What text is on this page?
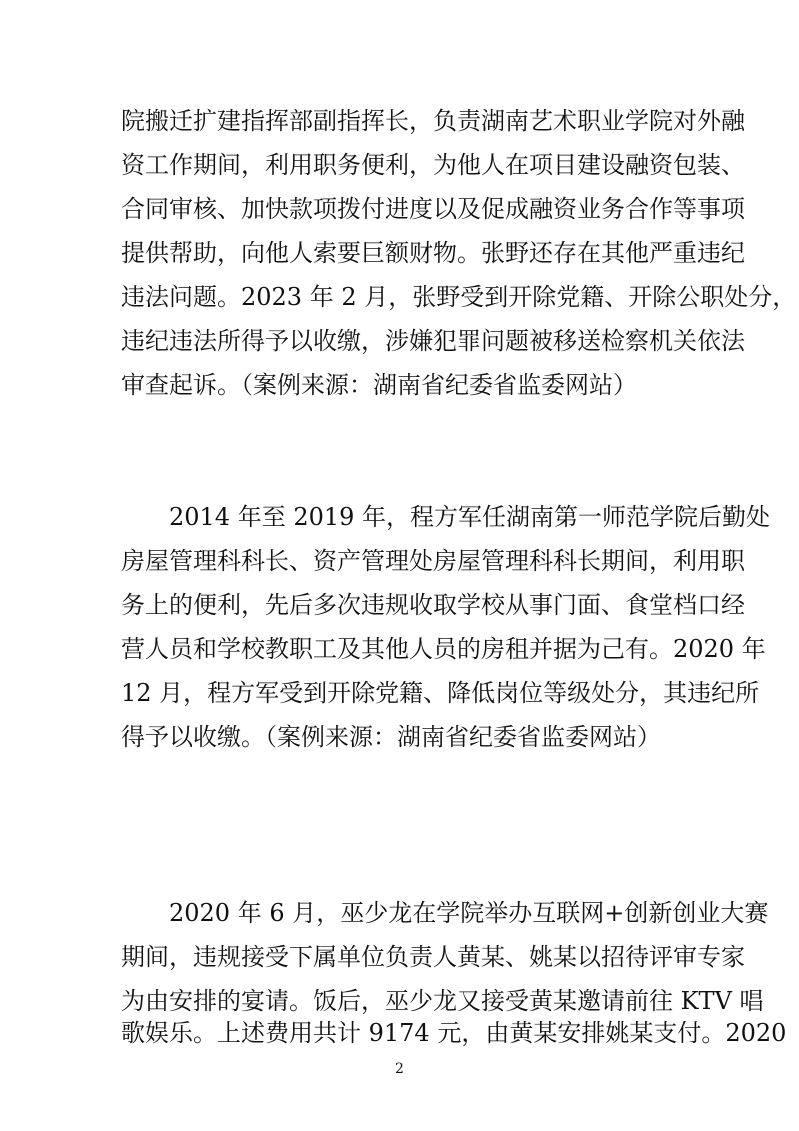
院搬迁扩建指挥部副指挥长，负责湖南艺术职业学院对外融
资工作期间，利用职务便利，为他人在项目建设融资包装、
合同审核、加快款项拨付进度以及促成融资业务合作等事项
提供帮助，向他人索要巨额财物。张野还存在其他严重违纪
违法问题。2023 年 2 月，张野受到开除党籍、开除公职处分，
违纪违法所得予以收缴，涉嫌犯罪问题被移送检察机关依法
审查起诉。（案例来源：湖南省纪委省监委网站）
2014 年至 2019 年，程方军任湖南第一师范学院后勤处
房屋管理科科长、资产管理处房屋管理科科长期间，利用职
务上的便利，先后多次违规收取学校从事门面、食堂档口经
营人员和学校教职工及其他人员的房租并据为己有。2020 年
12 月，程方军受到开除党籍、降低岗位等级处分，其违纪所
得予以收缴。（案例来源：湖南省纪委省监委网站）
2020 年 6 月，巫少龙在学院举办互联网+创新创业大赛
期间，违规接受下属单位负责人黄某、姚某以招待评审专家
为由安排的宴请。饭后，巫少龙又接受黄某邀请前往 KTV 唱
2
歌娱乐。上述费用共计 9174 元，由黄某安排姚某支付。2020
